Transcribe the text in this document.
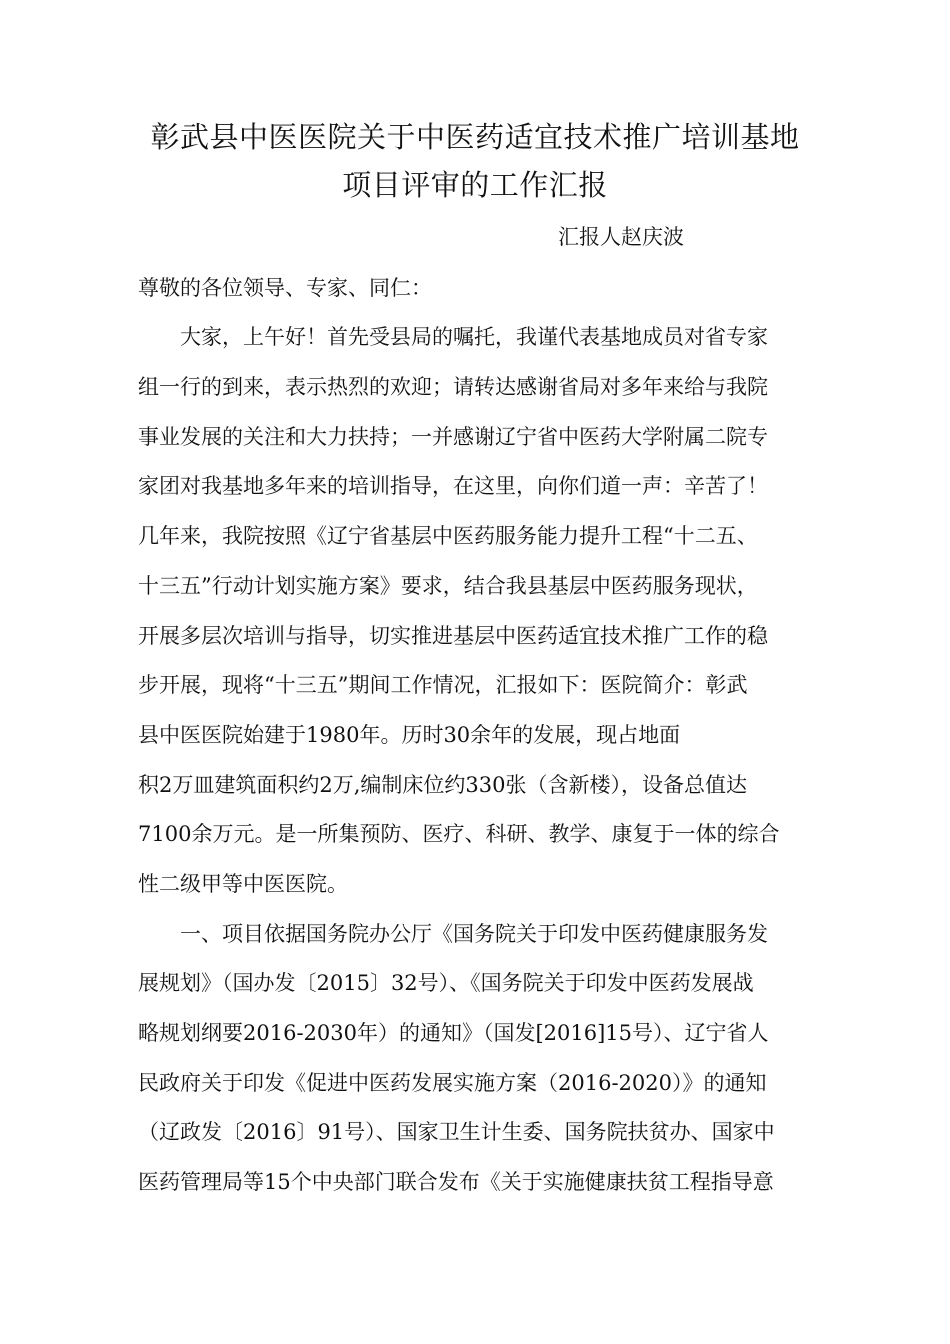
彰武县中医医院关于中医药适宜技术推广培训基地
项目评审的工作汇报
汇报人赵庆波
尊敬的各位领导、专家、同仁：
大家，上午好！首先受县局的嘱托，我谨代表基地成员对省专家
组一行的到来，表示热烈的欢迎；请转达感谢省局对多年来给与我院
事业发展的关注和大力扶持；一并感谢辽宁省中医药大学附属二院专
家团对我基地多年来的培训指导，在这里，向你们道一声：辛苦了！
几年来，我院按照《辽宁省基层中医药服务能力提升工程“十二五、
十三五”行动计划实施方案》要求，结合我县基层中医药服务现状，
开展多层次培训与指导，切实推进基层中医药适宜技术推广工作的稳
步开展，现将“十三五”期间工作情况，汇报如下：医院简介：彰武
县中医医院始建于1980年。历时30余年的发展，现占地面
积2万皿建筑面积约2万,编制床位约330张（含新楼），设备总值达
7100余万元。是一所集预防、医疗、科研、教学、康复于一体的综合
性二级甲等中医医院。
一、项目依据国务院办公厅《国务院关于印发中医药健康服务发
展规划》（国办发〔2015〕32号）、《国务院关于印发中医药发展战
略规划纲要2016-2030年）的通知》（国发[2016]15号）、辽宁省人
民政府关于印发《促进中医药发展实施方案（2016-2020）》的通知
（辽政发〔2016〕91号）、国家卫生计生委、国务院扶贫办、国家中
医药管理局等15个中央部门联合发布《关于实施健康扶贫工程指导意
